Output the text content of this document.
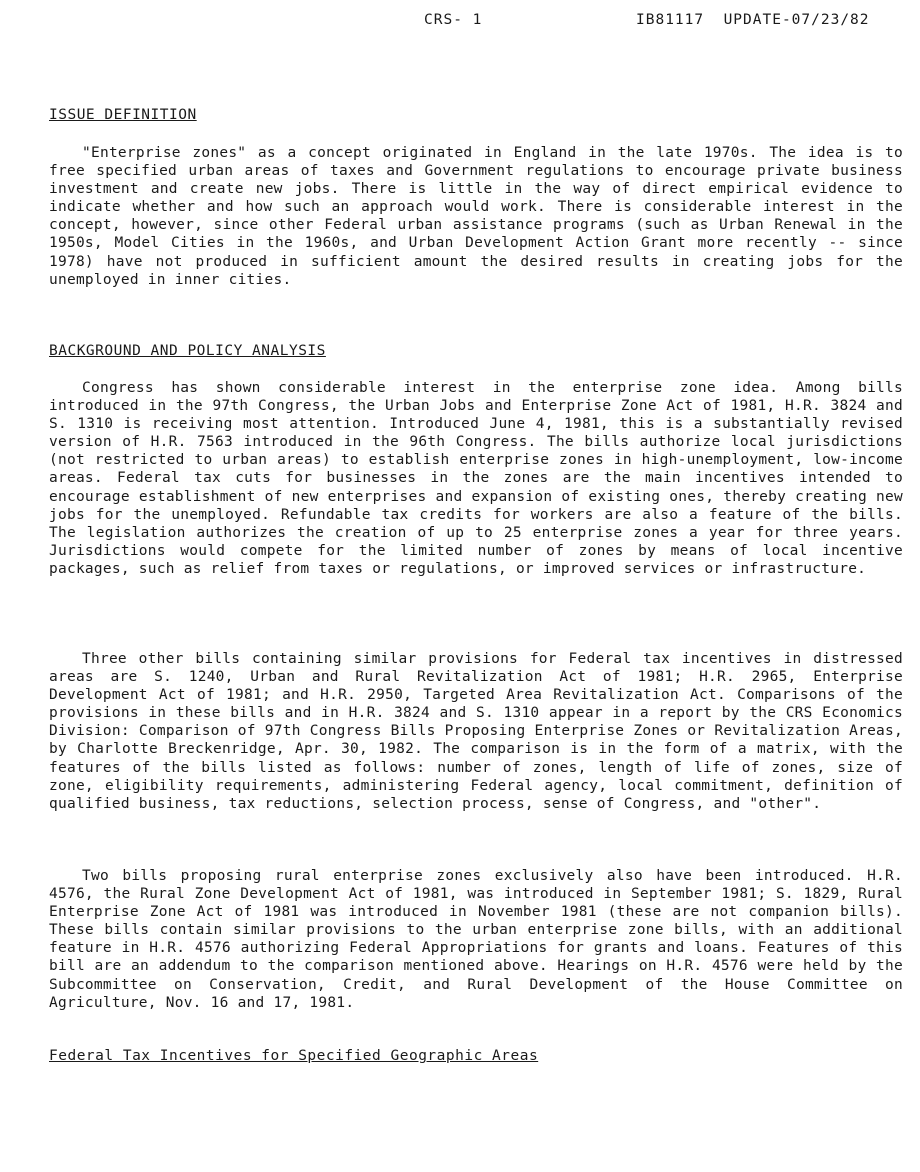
CRS- 1	IB81117  UPDATE-07/23/82
ISSUE DEFINITION

"Enterprise zones" as a concept originated in England in the late 1970s. The idea is to free specified urban areas of taxes and Government regulations to encourage private business investment and create new jobs. There is little in the way of direct empirical evidence to indicate whether and how such an approach would work. There is considerable interest in the concept, however, since other Federal urban assistance programs (such as Urban Renewal in the 1950s, Model Cities in the 1960s, and Urban Development Action Grant more recently -- since 1978) have not produced in sufficient amount the desired results in creating jobs for the unemployed in inner cities.

BACKGROUND AND POLICY ANALYSIS

Congress has shown considerable interest in the enterprise zone idea. Among bills introduced in the 97th Congress, the Urban Jobs and Enterprise Zone Act of 1981, H.R. 3824 and S. 1310 is receiving most attention. Introduced June 4, 1981, this is a substantially revised version of H.R. 7563 introduced in the 96th Congress. The bills authorize local jurisdictions (not restricted to urban areas) to establish enterprise zones in high-unemployment, low-income areas. Federal tax cuts for businesses in the zones are the main incentives intended to encourage establishment of new enterprises and expansion of existing ones, thereby creating new jobs for the unemployed. Refundable tax credits for workers are also a feature of the bills. The legislation authorizes the creation of up to 25 enterprise zones a year for three years. Jurisdictions would compete for the limited number of zones by means of local incentive packages, such as relief from taxes or regulations, or improved services or infrastructure.

Three other bills containing similar provisions for Federal tax incentives in distressed areas are S. 1240, Urban and Rural Revitalization Act of 1981; H.R. 2965, Enterprise Development Act of 1981; and H.R. 2950, Targeted Area Revitalization Act. Comparisons of the provisions in these bills and in H.R. 3824 and S. 1310 appear in a report by the CRS Economics Division: Comparison of 97th Congress Bills Proposing Enterprise Zones or Revitalization Areas, by Charlotte Breckenridge, Apr. 30, 1982. The comparison is in the form of a matrix, with the features of the bills listed as follows: number of zones, length of life of zones, size of zone, eligibility requirements, administering Federal agency, local commitment, definition of qualified business, tax reductions, selection process, sense of Congress, and "other".

Two bills proposing rural enterprise zones exclusively also have been introduced. H.R. 4576, the Rural Zone Development Act of 1981, was introduced in September 1981; S. 1829, Rural Enterprise Zone Act of 1981 was introduced in November 1981 (these are not companion bills). These bills contain similar provisions to the urban enterprise zone bills, with an additional feature in H.R. 4576 authorizing Federal Appropriations for grants and loans. Features of this bill are an addendum to the comparison mentioned above. Hearings on H.R. 4576 were held by the Subcommittee on Conservation, Credit, and Rural Development of the House Committee on Agriculture, Nov. 16 and 17, 1981.

Federal Tax Incentives for Specified Geographic Areas
